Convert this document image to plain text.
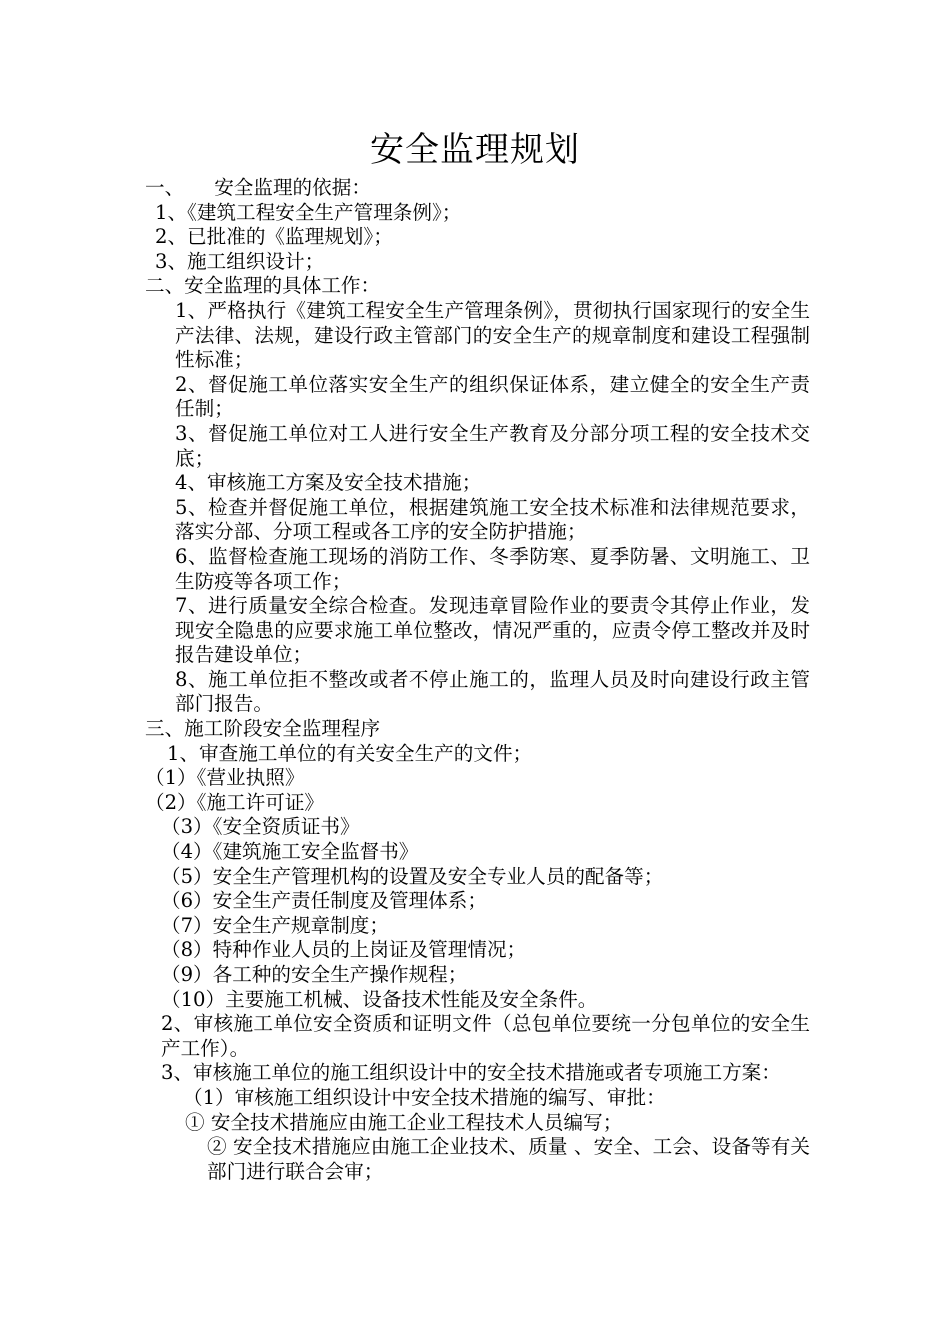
安全监理规划
一、 安全监理的依据：
1、《建筑工程安全生产管理条例》；
2、已批准的《监理规划》；
3、施工组织设计；
二、安全监理的具体工作：
1、严格执行《建筑工程安全生产管理条例》，贯彻执行国家现行的安全生产法律、法规，建设行政主管部门的安全生产的规章制度和建设工程强制性标准；
2、督促施工单位落实安全生产的组织保证体系，建立健全的安全生产责任制；
3、督促施工单位对工人进行安全生产教育及分部分项工程的安全技术交底；
4、审核施工方案及安全技术措施；
5、检查并督促施工单位，根据建筑施工安全技术标准和法律规范要求，落实分部、分项工程或各工序的安全防护措施；
6、监督检查施工现场的消防工作、冬季防寒、夏季防暑、文明施工、卫生防疫等各项工作；
7、进行质量安全综合检查。发现违章冒险作业的要责令其停止作业，发现安全隐患的应要求施工单位整改，情况严重的，应责令停工整改并及时报告建设单位；
8、施工单位拒不整改或者不停止施工的，监理人员及时向建设行政主管部门报告。
三、施工阶段安全监理程序
1、审查施工单位的有关安全生产的文件；
（1）《营业执照》
（2）《施工许可证》
（3）《安全资质证书》
（4）《建筑施工安全监督书》
（5）安全生产管理机构的设置及安全专业人员的配备等；
（6）安全生产责任制度及管理体系；
（7）安全生产规章制度；
（8）特种作业人员的上岗证及管理情况；
（9）各工种的安全生产操作规程；
（10）主要施工机械、设备技术性能及安全条件。
2、审核施工单位安全资质和证明文件（总包单位要统一分包单位的安全生产工作）。
3、审核施工单位的施工组织设计中的安全技术措施或者专项施工方案：
（1）审核施工组织设计中安全技术措施的编写、审批：
① 安全技术措施应由施工企业工程技术人员编写；
② 安全技术措施应由施工企业技术、质量 、安全、工会、设备等有关部门进行联合会审；
